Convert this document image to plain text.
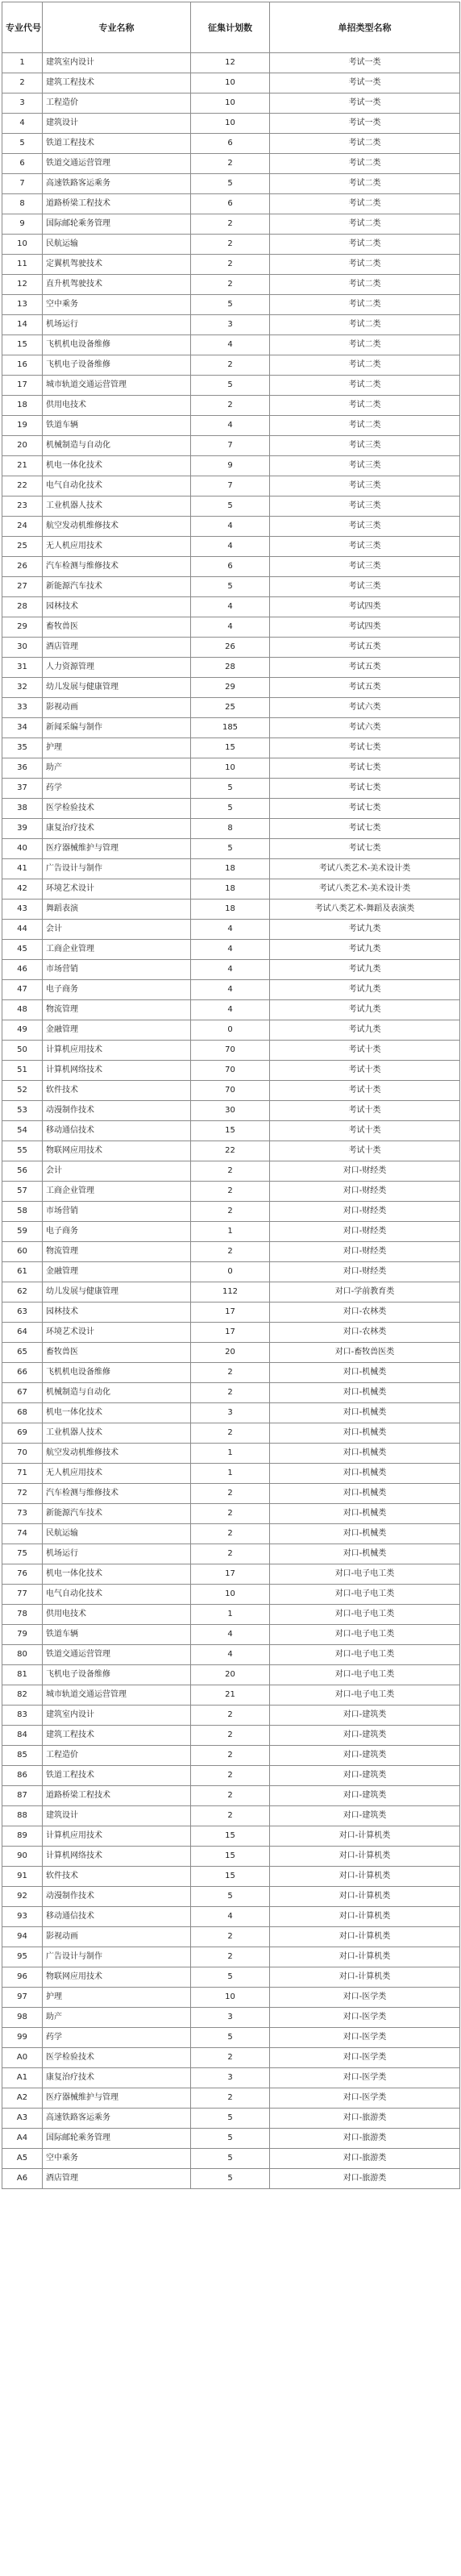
专业代号	专业名称	征集计划数	单招类型名称
1	建筑室内设计	12	考试一类
2	建筑工程技术	10	考试一类
3	工程造价	10	考试一类
4	建筑设计	10	考试一类
5	铁道工程技术	6	考试二类
6	铁道交通运营管理	2	考试二类
7	高速铁路客运乘务	5	考试二类
8	道路桥梁工程技术	6	考试二类
9	国际邮轮乘务管理	2	考试二类
10	民航运输	2	考试二类
11	定翼机驾驶技术	2	考试二类
12	直升机驾驶技术	2	考试二类
13	空中乘务	5	考试二类
14	机场运行	3	考试二类
15	飞机机电设备维修	4	考试二类
16	飞机电子设备维修	2	考试二类
17	城市轨道交通运营管理	5	考试二类
18	供用电技术	2	考试二类
19	铁道车辆	4	考试二类
20	机械制造与自动化	7	考试三类
21	机电一体化技术	9	考试三类
22	电气自动化技术	7	考试三类
23	工业机器人技术	5	考试三类
24	航空发动机维修技术	4	考试三类
25	无人机应用技术	4	考试三类
26	汽车检测与维修技术	6	考试三类
27	新能源汽车技术	5	考试三类
28	园林技术	4	考试四类
29	畜牧兽医	4	考试四类
30	酒店管理	26	考试五类
31	人力资源管理	28	考试五类
32	幼儿发展与健康管理	29	考试五类
33	影视动画	25	考试六类
34	新闻采编与制作	185	考试六类
35	护理	15	考试七类
36	助产	10	考试七类
37	药学	5	考试七类
38	医学检验技术	5	考试七类
39	康复治疗技术	8	考试七类
40	医疗器械维护与管理	5	考试七类
41	广告设计与制作	18	考试八类艺术-美术设计类
42	环境艺术设计	18	考试八类艺术-美术设计类
43	舞蹈表演	18	考试八类艺术-舞蹈及表演类
44	会计	4	考试九类
45	工商企业管理	4	考试九类
46	市场营销	4	考试九类
47	电子商务	4	考试九类
48	物流管理	4	考试九类
49	金融管理	0	考试九类
50	计算机应用技术	70	考试十类
51	计算机网络技术	70	考试十类
52	软件技术	70	考试十类
53	动漫制作技术	30	考试十类
54	移动通信技术	15	考试十类
55	物联网应用技术	22	考试十类
56	会计	2	对口-财经类
57	工商企业管理	2	对口-财经类
58	市场营销	2	对口-财经类
59	电子商务	1	对口-财经类
60	物流管理	2	对口-财经类
61	金融管理	0	对口-财经类
62	幼儿发展与健康管理	112	对口-学前教育类
63	园林技术	17	对口-农林类
64	环境艺术设计	17	对口-农林类
65	畜牧兽医	20	对口-畜牧兽医类
66	飞机机电设备维修	2	对口-机械类
67	机械制造与自动化	2	对口-机械类
68	机电一体化技术	3	对口-机械类
69	工业机器人技术	2	对口-机械类
70	航空发动机维修技术	1	对口-机械类
71	无人机应用技术	1	对口-机械类
72	汽车检测与维修技术	2	对口-机械类
73	新能源汽车技术	2	对口-机械类
74	民航运输	2	对口-机械类
75	机场运行	2	对口-机械类
76	机电一体化技术	17	对口-电子电工类
77	电气自动化技术	10	对口-电子电工类
78	供用电技术	1	对口-电子电工类
79	铁道车辆	4	对口-电子电工类
80	铁道交通运营管理	4	对口-电子电工类
81	飞机电子设备维修	20	对口-电子电工类
82	城市轨道交通运营管理	21	对口-电子电工类
83	建筑室内设计	2	对口-建筑类
84	建筑工程技术	2	对口-建筑类
85	工程造价	2	对口-建筑类
86	铁道工程技术	2	对口-建筑类
87	道路桥梁工程技术	2	对口-建筑类
88	建筑设计	2	对口-建筑类
89	计算机应用技术	15	对口-计算机类
90	计算机网络技术	15	对口-计算机类
91	软件技术	15	对口-计算机类
92	动漫制作技术	5	对口-计算机类
93	移动通信技术	4	对口-计算机类
94	影视动画	2	对口-计算机类
95	广告设计与制作	2	对口-计算机类
96	物联网应用技术	5	对口-计算机类
97	护理	10	对口-医学类
98	助产	3	对口-医学类
99	药学	5	对口-医学类
A0	医学检验技术	2	对口-医学类
A1	康复治疗技术	3	对口-医学类
A2	医疗器械维护与管理	2	对口-医学类
A3	高速铁路客运乘务	5	对口-旅游类
A4	国际邮轮乘务管理	5	对口-旅游类
A5	空中乘务	5	对口-旅游类
A6	酒店管理	5	对口-旅游类
